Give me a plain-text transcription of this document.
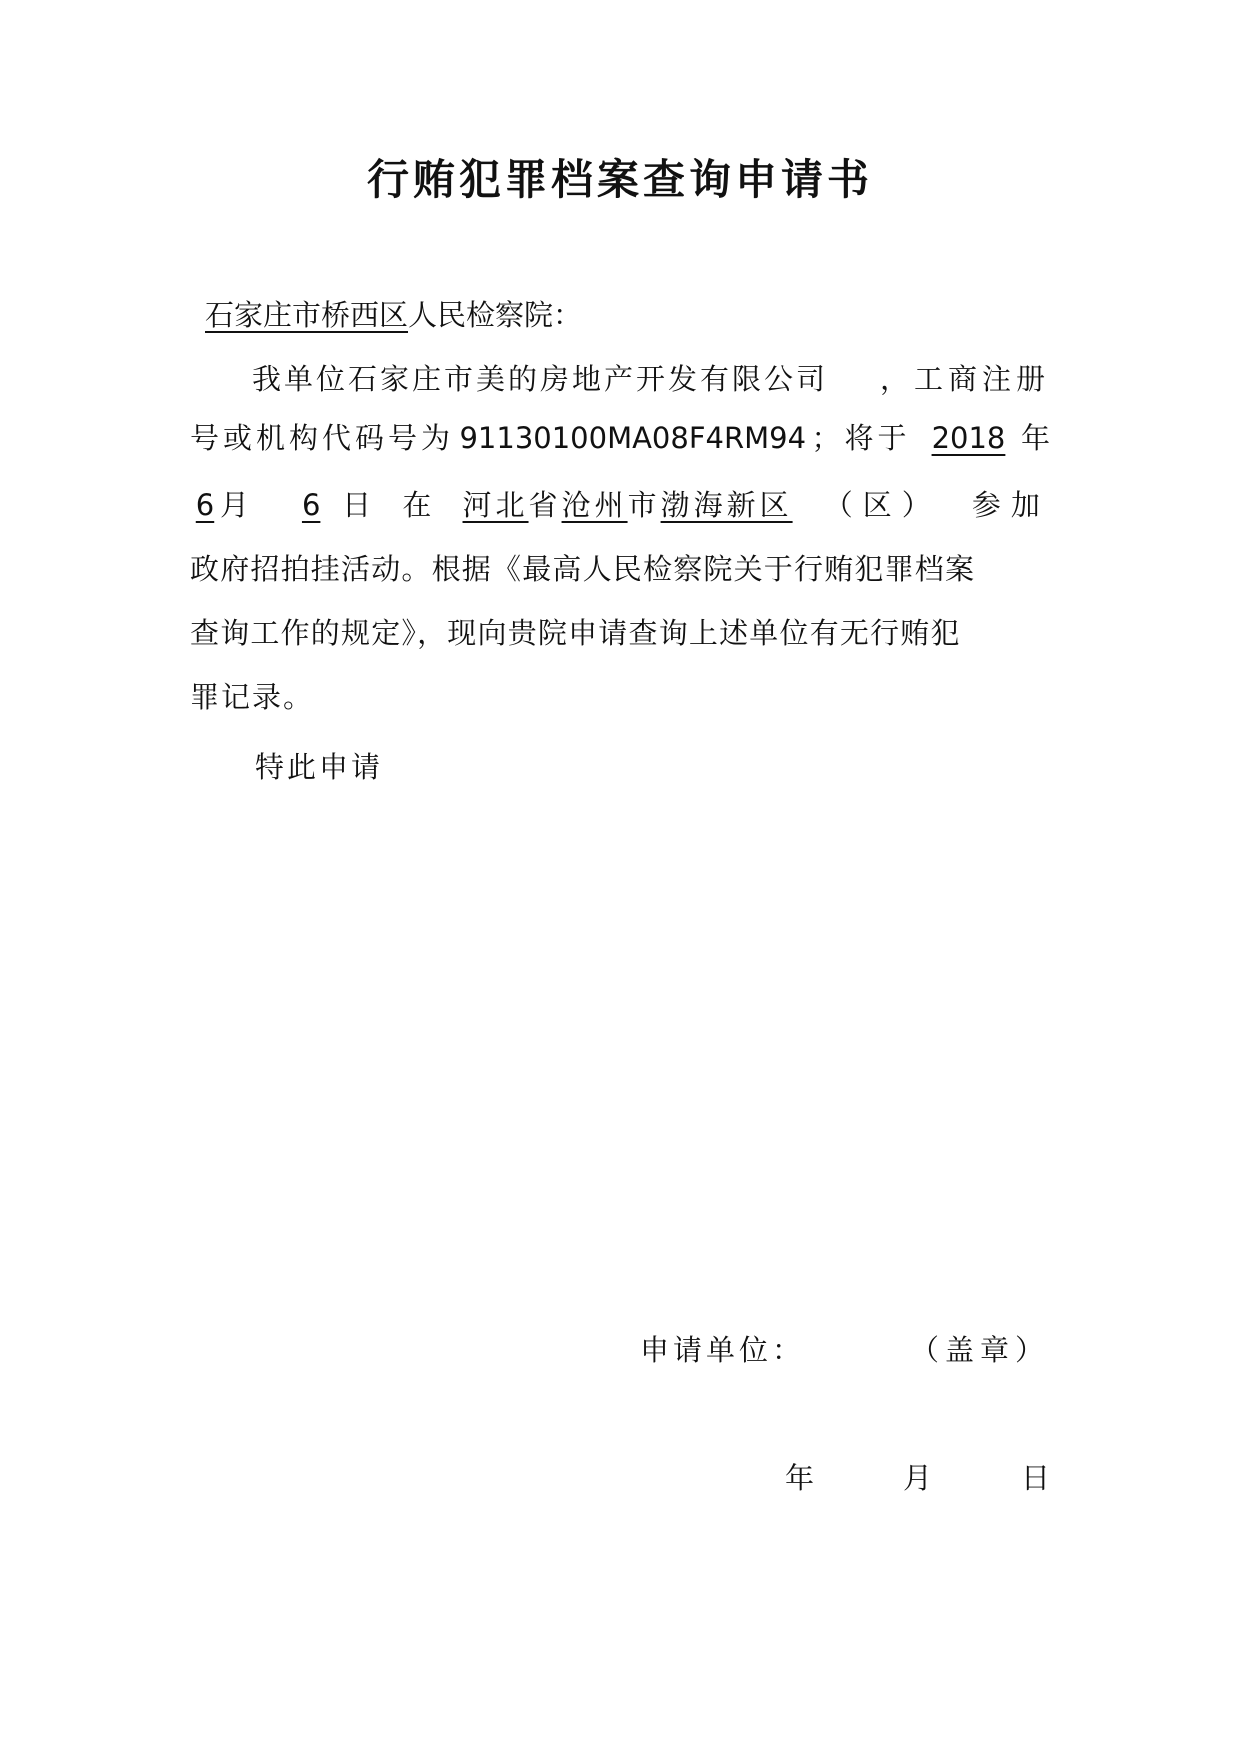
行贿犯罪档案查询申请书
石家庄市桥西区人民检察院：
我单位石家庄市美的房地产开发有限公司 ，工商注册
号或机构代码号为 91130100MA08F4RM94 ；将于 2018 年
6 月	6 日 在 河北省沧州市渤海新区 （区） 参加
政府招拍挂活动。根据《最高人民检察院关于行贿犯罪档案
查询工作的规定》，现向贵院申请查询上述单位有无行贿犯
罪记录。
特此申请
申请单位：	（盖章）
年	月	日
